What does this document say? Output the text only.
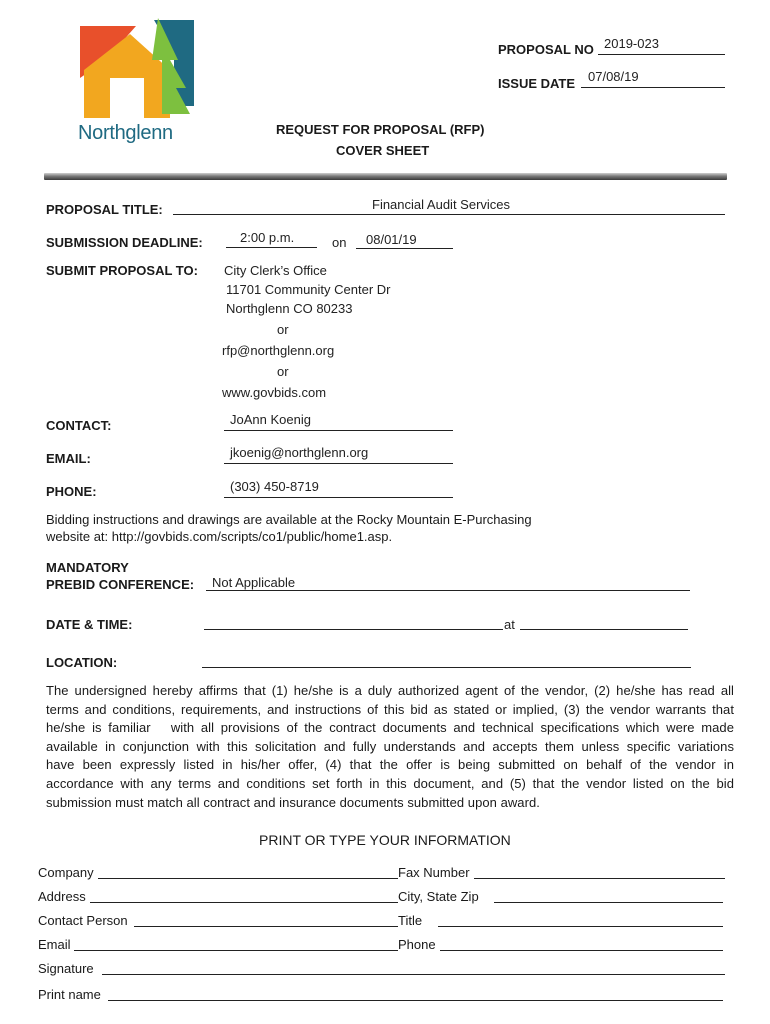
Northglenn
PROPOSAL NO 2019-023
ISSUE DATE 07/08/19
REQUEST FOR PROPOSAL (RFP)
COVER SHEET
PROPOSAL TITLE:	Financial Audit Services
SUBMISSION DEADLINE:	2:00 p.m.	on 08/01/19
SUBMIT PROPOSAL TO: City Clerk’s Office
11701 Community Center Dr
Northglenn CO 80233
or
rfp@northglenn.org
or
www.govbids.com
CONTACT:	JoAnn Koenig
EMAIL:	jkoenig@northglenn.org
PHONE:	(303) 450-8719
Bidding instructions and drawings are available at the Rocky Mountain E-Purchasing
website at: http://govbids.com/scripts/co1/public/home1.asp.
MANDATORY
PREBID CONFERENCE: Not Applicable
DATE & TIME:	at
LOCATION:
The undersigned hereby affirms that (1) he/she is a duly authorized agent of the vendor, (2) he/she has read all
terms and conditions, requirements, and instructions of this bid as stated or implied, (3) the vendor warrants that
he/she is familiar   with all provisions of the contract documents and technical specifications which were made
available in conjunction with this solicitation and fully understands and accepts them unless specific variations
have been expressly listed in his/her offer, (4) that the offer is being submitted on behalf of the vendor in
accordance with any terms and conditions set forth in this document, and (5) that the vendor listed on the bid
submission must match all contract and insurance documents submitted upon award.
PRINT OR TYPE YOUR INFORMATION
Company	Fax Number
Address	City, State Zip
Contact Person	Title
Email	Phone
Signature
Print name
